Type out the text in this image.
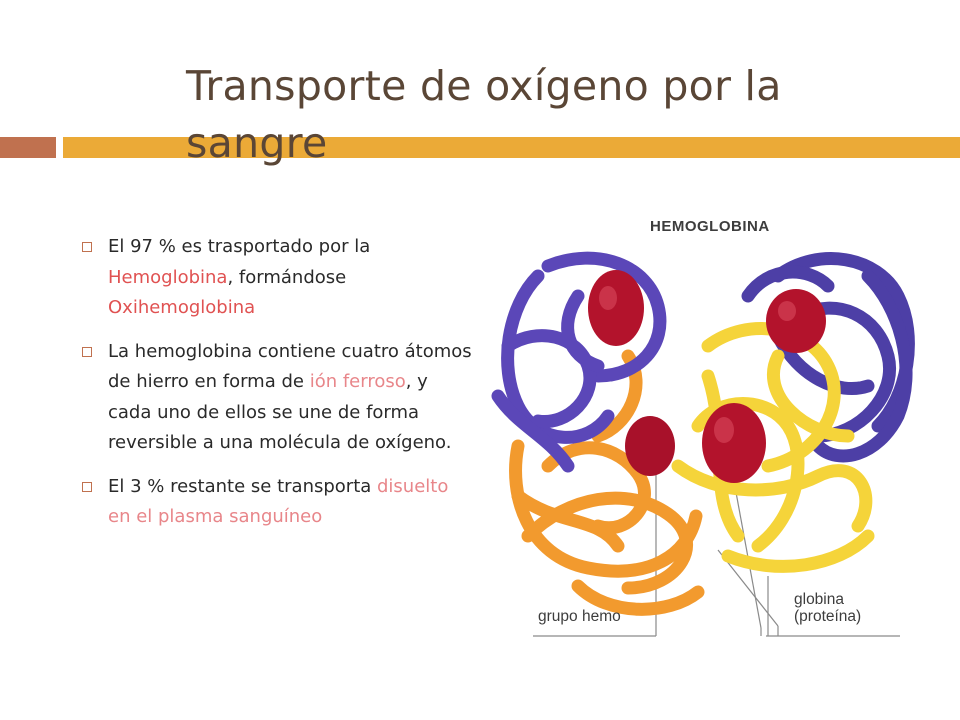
Transporte de oxígeno por la sangre
El 97 % es trasportado por la Hemoglobina, formándose Oxihemoglobina
La hemoglobina contiene cuatro átomos de hierro en forma de ión ferroso, y cada uno de ellos se une de forma reversible a una molécula de oxígeno.
El 3 % restante se transporta disuelto en el plasma sanguíneo
HEMOGLOBINA
grupo hemo
globina
(proteína)
